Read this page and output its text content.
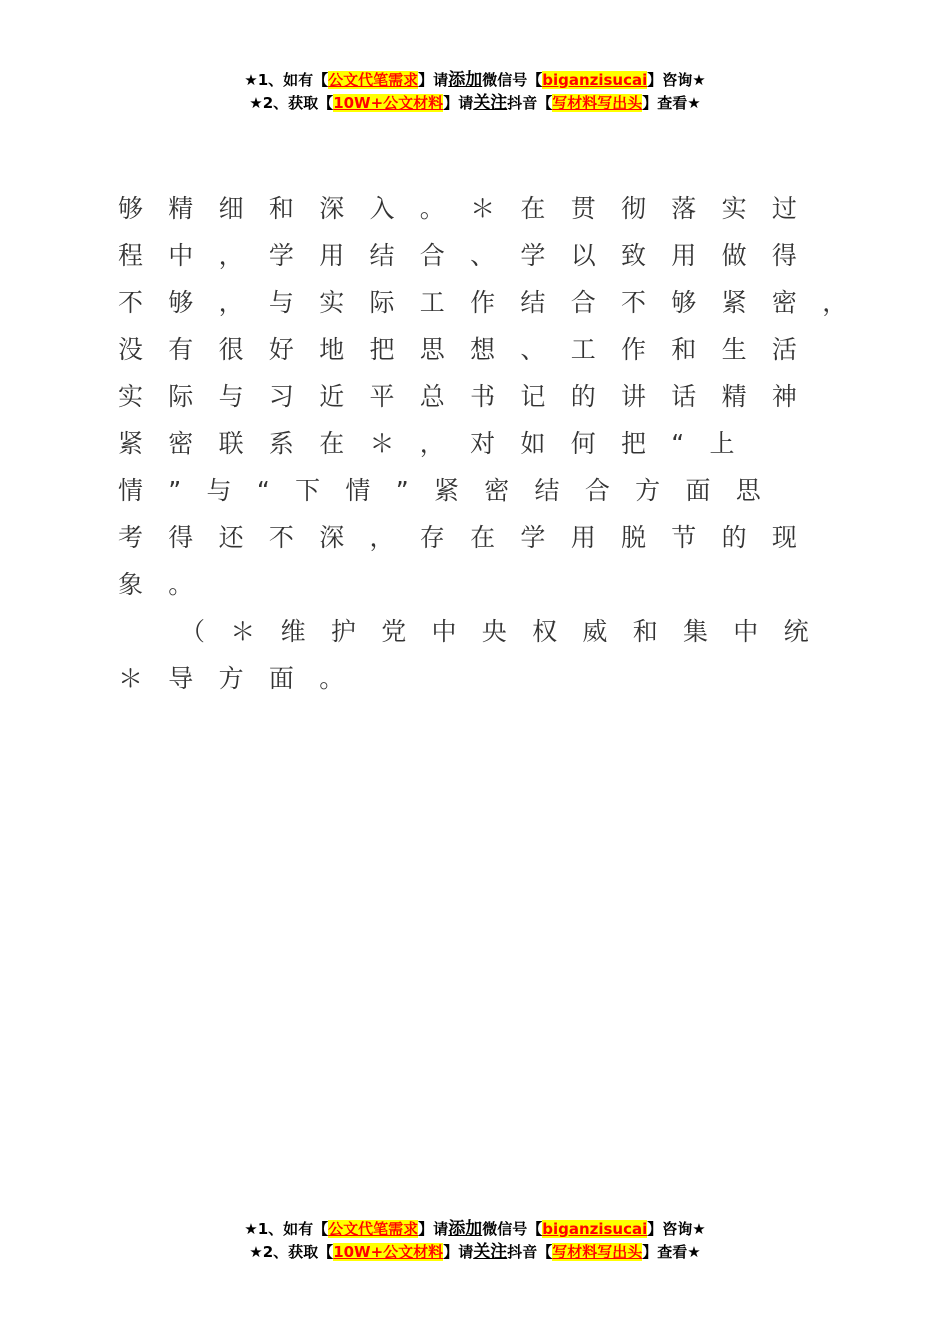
★1、如有【公文代笔需求】请添加微信号【biganzisucai】咨询★
★2、获取【10W+公文材料】请关注抖音【写材料写出头】查看★
够精细和深入。＊在贯彻落实过
程中，学用结合、学以致用做得
不够，与实际工作结合不够紧密，
没有很好地把思想、工作和生活
实际与习近平总书记的讲话精神
紧密联系在＊，对如何把“上
情”与“下情”紧密结合方面思
考得还不深，存在学用脱节的现
象。
（＊维护党中央权威和集中统
＊导方面。
★1、如有【公文代笔需求】请添加微信号【biganzisucai】咨询★
★2、获取【10W+公文材料】请关注抖音【写材料写出头】查看★
